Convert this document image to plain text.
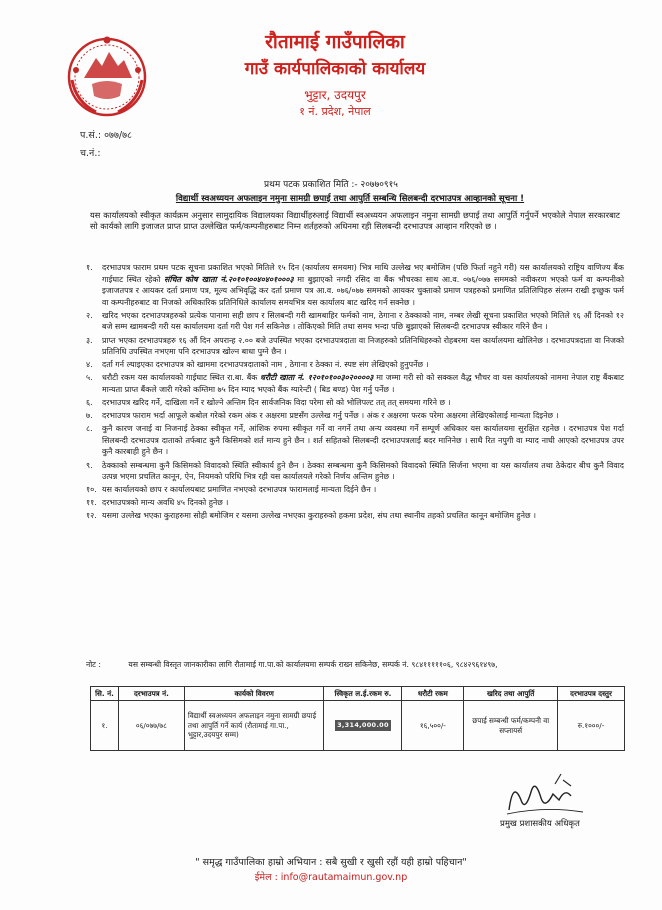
रौतामाई गाउँपालिका
गाउँ कार्यपालिकाको कार्यालय
भुट्टार, उदयपुर
१ नं. प्रदेश, नेपाल
प.सं.: ०७७/७८
च.नं.:
प्रथम पटक प्रकाशित मिति :- २०७७०९१५
विद्यार्थी स्वअध्ययन अफलाइन नमुना सामग्री छपाई तथा आपुर्ति सम्बन्धि सिलबन्दी दरभाउपत्र आव्हानको सूचना !
यस कार्यालयको स्वीकृत कार्यक्रम अनुसार सामुदायिक विद्यालयका विद्यार्थीहरुलाई विद्यार्थी स्वअध्ययन अफलाइन नमुना सामग्री छपाई तथा आपुर्ति गर्नुपर्ने भएकोले नेपाल सरकारबाट सो कार्यको लागि इजाजत प्राप्त प्राप्त उल्लेखित फर्म/कम्पनीहरुबाट निम्न शर्तहरुको अधिनमा रही सिलबन्दी दरभाउपत्र आव्हान गरिएको छ ।
१.	दरभाउपत्र फाराम प्रथम पटक सूचना प्रकाशित भएको मितिले १५ दिन (कार्यालय समयमा) भित्र माथि उल्लेख भए बमोजिम (पछि फिर्ता नहुने गरी) यस कार्यालयको राष्ट्रिय वाणिज्य बैंक गाईघाट स्थित रहेको संचित कोष खाता नं.२०१०१००४०४०१०००३ मा बुझाएको नगदी रसिद वा बैंक भौचरका साथ आ.व. ०७६/०७७ सममको नवीकरण भएको फर्म वा कम्पनीको इजाजतपत्र र आयकर दर्ता प्रमाण पत्र, मूल्य अभिवृद्धि कर दर्ता प्रमाण पत्र आ.व. ०७६/०७७ सममको आयकर चुक्ताको प्रमाण पत्रहरुको प्रमाणित प्रतिलिपिहरु संलग्न राखी इच्छुक फर्म वा कम्पनीहरुबाट वा निजको अधिकारिक प्रतिनिधिले कार्यालय समयभित्र यस कार्यालय बाट खरिद गर्न सक्नेछ ।
२.	खरिद भएका दरभाउपत्रहरुको प्रत्येक पानामा सही छाप र सिलबन्दी गरी खामबाहिर फर्मको नाम, ठेगाना र ठेक्काको नाम, नम्बर लेखी सूचना प्रकाशित भएको मितिले १६ औं दिनको १२ बजे सम्म खामबन्दी गरी यस कार्यालयमा दर्ता गरी पेश गर्न सकिनेछ । तोकिएको मिति तथा समय भन्दा पछि बुझाएको सिलबन्दी दरभाउपत्र स्वीकार गरिने छैन ।
३.	प्राप्त भएका दरभाउपत्रहरु १६ औं दिन अपरान्ह २.०० बजे उपस्थित भएका दरभाउपत्रदाता वा निजहरुको प्रतिनिधिहरुको रोहबरमा यस कार्यालयमा खोलिनेछ । दरभाउपत्रदाता वा निजको प्रतिनिधि उपस्थित नभएमा पनि दरभाउपत्र खोल्न बाधा पुग्ने छैन ।
४.	दर्ता गर्न ल्याइएका दरभाउपत्र को खाममा दरभाउपत्रदाताको नाम , ठेगाना र ठेक्का नं. स्पष्ट संग लेखिएको हुनुपर्नेछ ।
५.	धरौटी रकम यस कार्यालयको गाईघाट स्थित रा.बा. बैंक धरौटी खाता नं. १२०१०१००३०२००००३ मा जम्मा गरी सो को सक्कल वैद्ध भौचर वा यस कार्यालयको नाममा नेपाल राष्ट्र बैंकबाट मान्यता प्राप्त बैंकले जारी गरेको कम्तिमा ७५ दिन म्याद भएको बैंक ग्यारेन्टी ( बिड बण्ड) पेश गर्नु पर्नेछ ।
६.	दरभाउपत्र खरिद गर्ने, दाखिला गर्ने र खोल्ने अन्तिम दिन सार्वजनिक विदा परेमा सो को भोलिपल्ट तत् तत् समयमा गरिने छ ।
७.	दरभाउपत्र फाराम भर्दा आफूले कबोल गरेको रकम अंक र अक्षरमा प्रष्टसँग उल्लेख गर्नु पर्नेछ । अंक र अक्षरमा फरक परेमा अक्षरमा लेखिएकोलाई मान्यता दिइनेछ ।
८.	कुनै कारण जनाई वा निजनाई ठेक्का स्वीकृत गर्ने, आंशिक रुपमा स्वीकृत गर्ने वा नगर्ने तथा अन्य व्यवस्था गर्ने सम्पूर्ण अधिकार यस कार्यालयमा सुरक्षित रहनेछ । दरभाउपत्र पेश गर्दा सिलबन्दी दरभाउपत्र दाताको तर्फबाट कुनै किसिमको शर्त मान्य हुने छैन । शर्त सहितको सिलबन्दी दरभाउपत्रलाई बदर मानिनेछ । साथै रित नपुगी वा म्याद नाघी आएको दरभाउपत्र उपर कुनै कारबाही हुने छैन ।
९.	ठेक्काको सम्बन्धमा कुनै किसिमको विवादको स्थिति स्वीकार्य हुने छैन । ठेक्का सम्बन्धमा कुनै किसिमको विवादको स्थिति सिर्जना भएमा वा यस कार्यालय तथा ठेकेदार बीच कुनै विवाद उत्पन्न भएमा प्रचलित कानून, ऐन, नियमको परिधि भित्र रही यस कार्यालयले गरेको निर्णय अन्तिम हुनेछ ।
१०. यस कार्यालयको छाप र कार्यालयबाट प्रमाणित नभएको दरभाउपत्र फारामलाई मान्यता दिईने छैन ।
११. दरभाउपत्रको मान्य अवधि ४५ दिनको हुनेछ ।
१२. यसमा उल्लेख भएका कुराहरुमा सोही बमोजिम र यसमा उल्लेख नभएका कुराहरुको हकमा प्रदेश, संघ तथा स्थानीय तहको प्रचलित कानून बमोजिम हुनेछ ।
नोट :	यस सम्बन्धी विस्तृत जानकारीका लागि रौतामाई गा.पा.को कार्यालयमा सम्पर्क राख्न सकिनेछ, सम्पर्क नं. ९८४१११११०६, ९८४२९६१४९७,
सि. नं.	दरभाउपत्र नं.	कार्यको विवरण	स्विकृत ल.ई.रकम रु.	धरौटी रकम	खरिद तथा आपुर्ति	दरभाउपत्र दस्तुर
१.	०६/०७७/७८	विद्यार्थी स्वअध्ययन अफलाइन नमुना सामग्री छपाई तथा आपुर्ति गर्ने कार्य (रौतामाई गा.पा., भुट्टार,उदयपुर सम्म)	3,314,000.00	१६,५००/-	छपाई सम्बन्धी फर्म/कम्पनी वा सप्लायर्स	रु.१०००/-
प्रमुख प्रशासकीय अधिकृत
" समृद्ध गाउँपालिका हाम्रो अभियान : सबै सुखी र खुसी रहौं यही हाम्रो पहिचान"
ईमेल : info@rautamaimun.gov.np
